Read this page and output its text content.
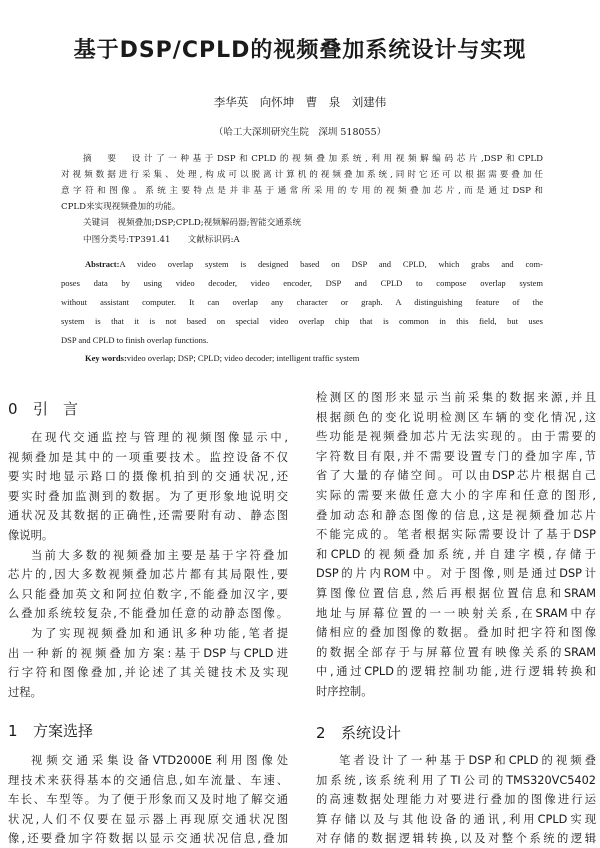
基于DSP/CPLD的视频叠加系统设计与实现
李华英　向怀坤　曹　泉　刘建伟
（哈工大深圳研究生院　深圳 518055）
摘　要　设计了一种基于DSP和CPLD的视频叠加系统,利用视频解编码芯片,DSP和CPLD
对视频数据进行采集、处理,构成可以脱离计算机的视频叠加系统,同时它还可以根据需要叠加任
意字符和图像。系统主要特点是并非基于通常所采用的专用的视频叠加芯片,而是通过DSP和
CPLD来实现视频叠加的功能。
关键词　视频叠加;DSP;CPLD;视频解码器;智能交通系统
中图分类号:TP391.41　　文献标识码:A
Abstract:A video overlap system is designed based on DSP and CPLD, which grabs and com-
poses data by using video decoder, video encoder, DSP and CPLD to compose overlap system
without assistant computer. It can overlap any character or graph. A distinguishing feature of the
system is that it is not based on special video overlap chip that is common in this field, but uses
DSP and CPLD to finish overlap functions.
Key words:video overlap; DSP; CPLD; video decoder; intelligent traffic system
0 引　言
在现代交通监控与管理的视频图像显示中,
视频叠加是其中的一项重要技术。监控设备不仅
要实时地显示路口的摄像机拍到的交通状况,还
要实时叠加监测到的数据。为了更形象地说明交
通状况及其数据的正确性,还需要附有动、静态图
像说明。
当前大多数的视频叠加主要是基于字符叠加
芯片的,因大多数视频叠加芯片都有其局限性,要
么只能叠加英文和阿拉伯数字,不能叠加汉字,要
么叠加系统较复杂,不能叠加任意的动静态图像。
为了实现视频叠加和通讯多种功能,笔者提
出一种新的视频叠加方案:基于DSP与CPLD进
行字符和图像叠加,并论述了其关键技术及实现
过程。
1 方案选择
视频交通采集设备VTD2000E利用图像处
理技术来获得基本的交通信息,如车流量、车速、
车长、车型等。为了便于形象而又及时地了解交通
状况,人们不仅要在显示器上再现原交通状况图
像,还要叠加字符数据以显示交通状况信息,叠加
检测区的图形来显示当前采集的数据来源,并且
根据颜色的变化说明检测区车辆的变化情况,这
些功能是视频叠加芯片无法实现的。由于需要的
字符数目有限,并不需要设置专门的叠加字库,节
省了大量的存储空间。可以由DSP芯片根据自己
实际的需要来做任意大小的字库和任意的图形,
叠加动态和静态图像的信息,这是视频叠加芯片
不能完成的。笔者根据实际需要设计了基于DSP
和CPLD的视频叠加系统,并自建字模,存储于
DSP的片内ROM中。对于图像,则是通过DSP计
算图像位置信息,然后再根据位置信息和SRAM
地址与屏幕位置的一一映射关系,在SRAM中存
储相应的叠加图像的数据。叠加时把字符和图像
的数据全部存于与屏幕位置有映像关系的SRAM
中,通过CPLD的逻辑控制功能,进行逻辑转换和
时序控制。
2 系统设计
笔者设计了一种基于DSP和CPLD的视频叠
加系统,该系统利用了TI公司的TMS320VC5402
的高速数据处理能力对要进行叠加的图像进行运
算存储以及与其他设备的通讯,利用CPLD实现
对存储的数据逻辑转换,以及对整个系统的逻辑
